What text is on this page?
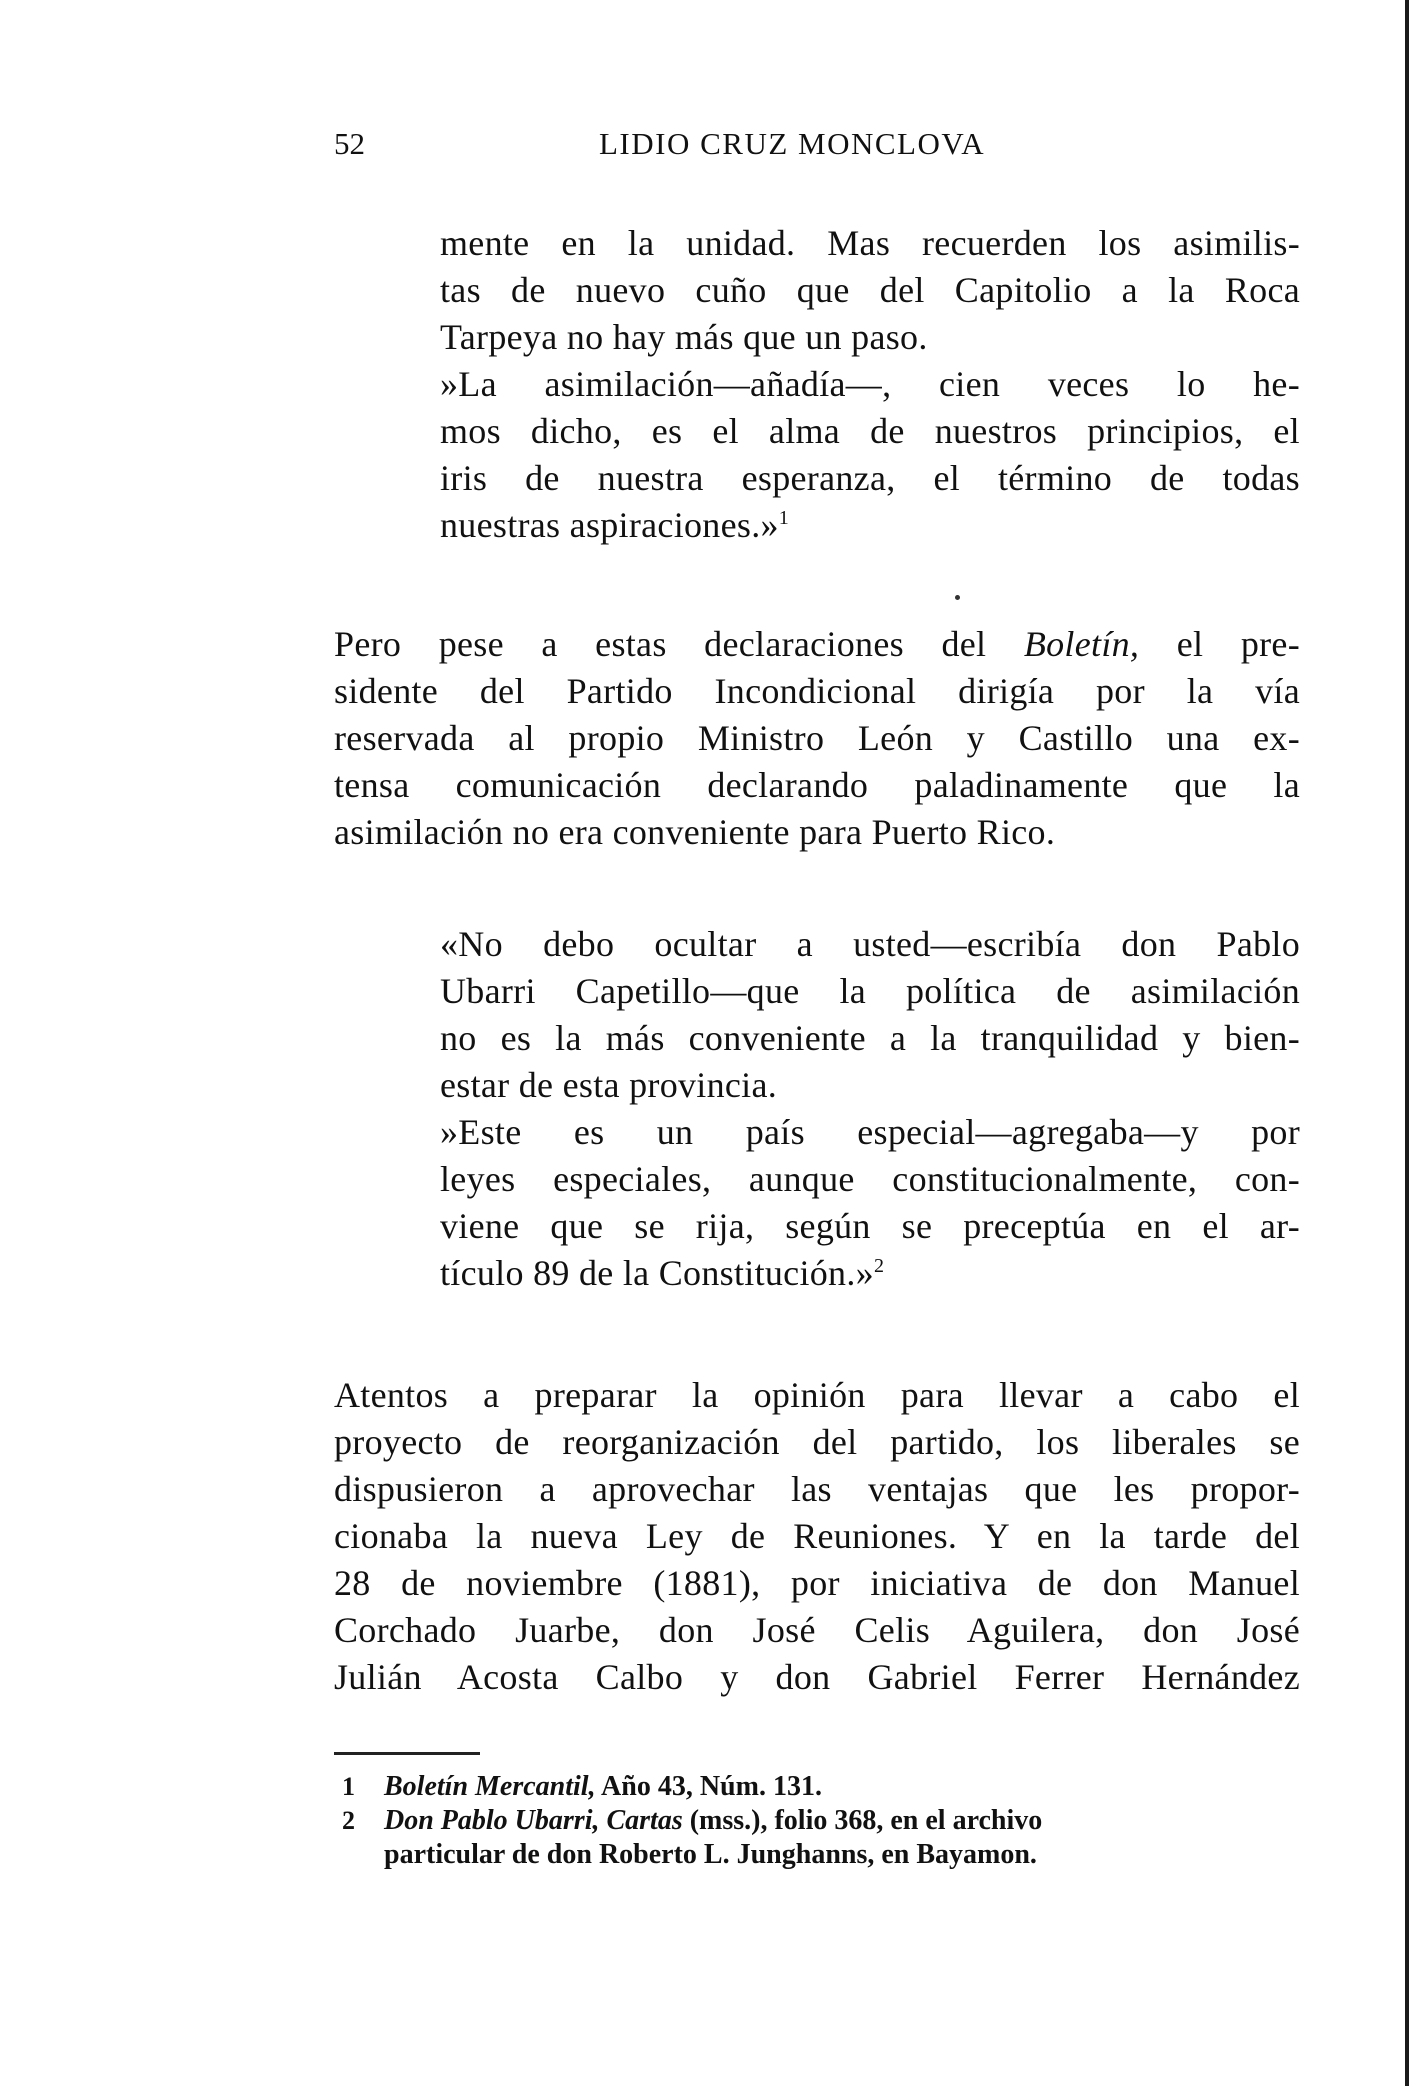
52	LIDIO CRUZ MONCLOVA
mente en la unidad. Mas recuerden los asimilis-
tas de nuevo cuño que del Capitolio a la Roca
Tarpeya no hay más que un paso.
»La asimilación—añadía—, cien veces lo he-
mos dicho, es el alma de nuestros principios, el
iris de nuestra esperanza, el término de todas
nuestras aspiraciones.»$^1$
Pero pese a estas declaraciones del Boletín, el pre-
sidente del Partido Incondicional dirigía por la vía
reservada al propio Ministro León y Castillo una ex-
tensa comunicación declarando paladinamente que la
asimilación no era conveniente para Puerto Rico.
«No debo ocultar a usted—escribía don Pablo
Ubarri Capetillo—que la política de asimilación
no es la más conveniente a la tranquilidad y bien-
estar de esta provincia.
»Este es un país especial—agregaba—y por
leyes especiales, aunque constitucionalmente, con-
viene que se rija, según se preceptúa en el ar-
tículo 89 de la Constitución.»$^2$
Atentos a preparar la opinión para llevar a cabo el
proyecto de reorganización del partido, los liberales se
dispusieron a aprovechar las ventajas que les propor-
cionaba la nueva Ley de Reuniones. Y en la tarde del
28 de noviembre (1881), por iniciativa de don Manuel
Corchado Juarbe, don José Celis Aguilera, don José
Julián Acosta Calbo y don Gabriel Ferrer Hernández
1 Boletín Mercantil, Año 43, Núm. 131.
2 Don Pablo Ubarri, Cartas (mss.), folio 368, en el archivo
particular de don Roberto L. Junghanns, en Bayamon.
